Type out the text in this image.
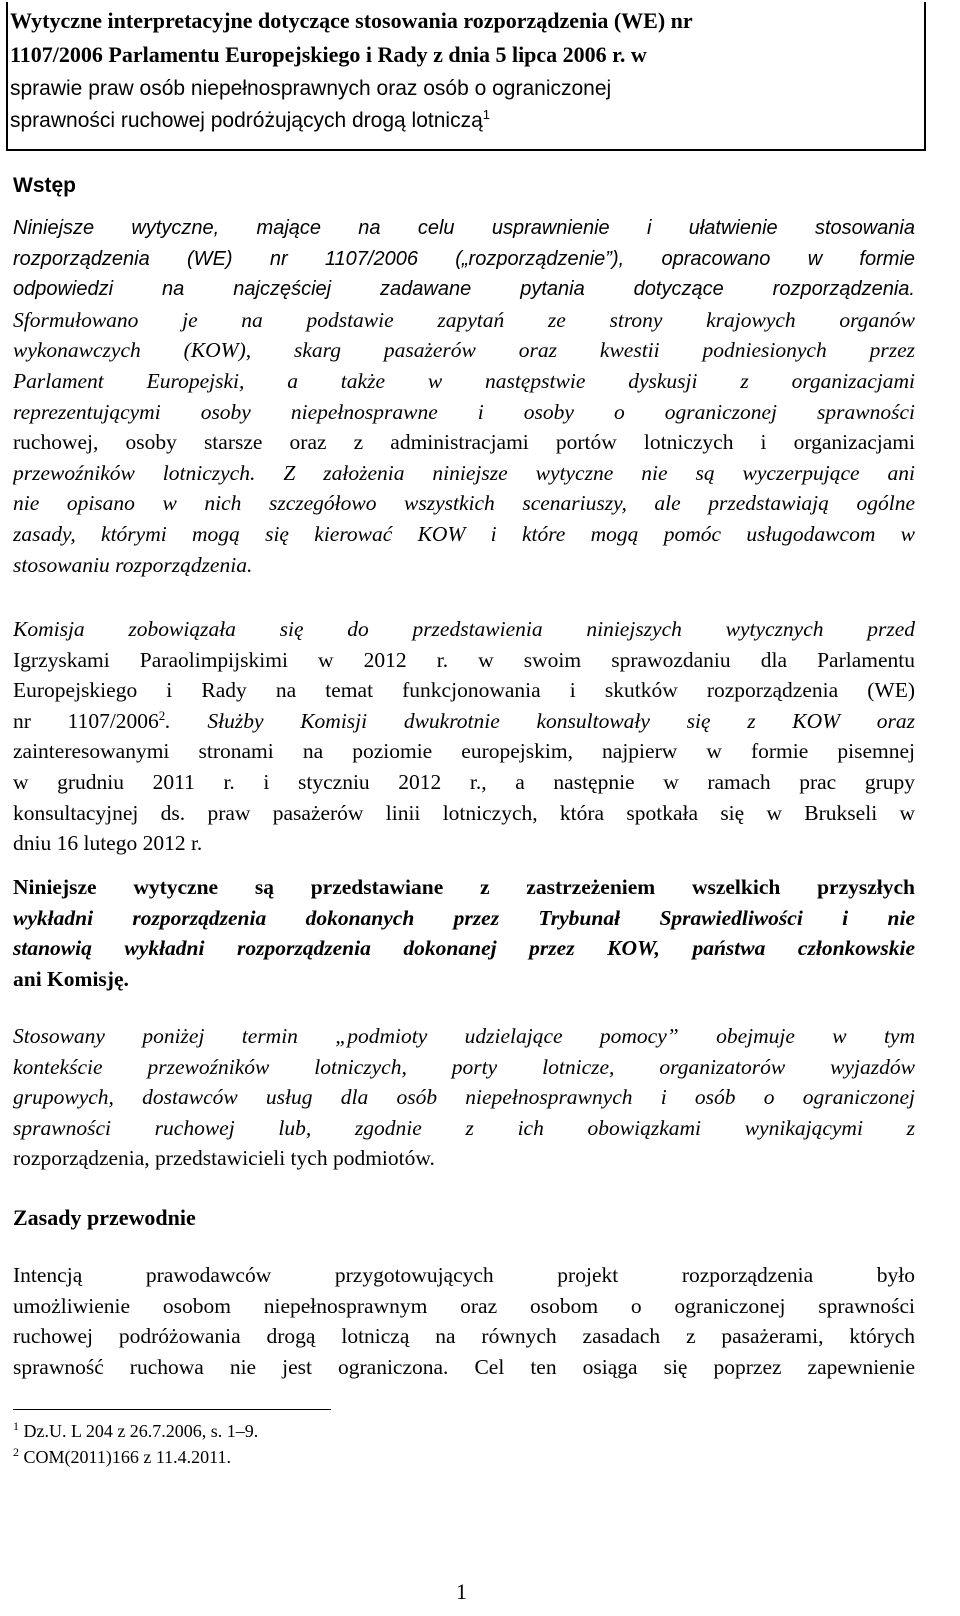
Wytyczne interpretacyjne dotyczące stosowania rozporządzenia (WE) nr
1107/2006 Parlamentu Europejskiego i Rady z dnia 5 lipca 2006 r. w
sprawie praw osób niepełnosprawnych oraz osób o ograniczonej
sprawności ruchowej podróżujących drogą lotniczą$^1$
Wstęp
Niniejsze wytyczne, mające na celu usprawnienie i ułatwienie stosowania
rozporządzenia (WE) nr 1107/2006 („rozporządzenie”), opracowano w formie
odpowiedzi na najczęściej zadawane pytania dotyczące rozporządzenia.
Sformułowano je na podstawie zapytań ze strony krajowych organów
wykonawczych (KOW), skarg pasażerów oraz kwestii podniesionych przez
Parlament Europejski, a także w następstwie dyskusji z organizacjami
reprezentującymi osoby niepełnosprawne i osoby o ograniczonej sprawności
ruchowej, osoby starsze oraz z administracjami portów lotniczych i organizacjami
przewoźników lotniczych. Z założenia niniejsze wytyczne nie są wyczerpujące ani
nie opisano w nich szczegółowo wszystkich scenariuszy, ale przedstawiają ogólne
zasady, którymi mogą się kierować KOW i które mogą pomóc usługodawcom w
stosowaniu rozporządzenia.
Komisja zobowiązała się do przedstawienia niniejszych wytycznych przed
Igrzyskami Paraolimpijskimi w 2012 r. w swoim sprawozdaniu dla Parlamentu
Europejskiego i Rady na temat funkcjonowania i skutków rozporządzenia (WE)
nr 1107/2006$^2$. Służby Komisji dwukrotnie konsultowały się z KOW oraz
zainteresowanymi stronami na poziomie europejskim, najpierw w formie pisemnej
w grudniu 2011 r. i styczniu 2012 r., a następnie w ramach prac grupy
konsultacyjnej ds. praw pasażerów linii lotniczych, która spotkała się w Brukseli w
dniu 16 lutego 2012 r.
Niniejsze wytyczne są przedstawiane z zastrzeżeniem wszelkich przyszłych
wykładni rozporządzenia dokonanych przez Trybunał Sprawiedliwości i nie
stanowią wykładni rozporządzenia dokonanej przez KOW, państwa członkowskie
ani Komisję.
Stosowany poniżej termin „podmioty udzielające pomocy” obejmuje w tym
kontekście przewoźników lotniczych, porty lotnicze, organizatorów wyjazdów
grupowych, dostawców usług dla osób niepełnosprawnych i osób o ograniczonej
sprawności ruchowej lub, zgodnie z ich obowiązkami wynikającymi z
rozporządzenia, przedstawicieli tych podmiotów.
Zasady przewodnie
Intencją prawodawców przygotowujących projekt rozporządzenia było
umożliwienie osobom niepełnosprawnym oraz osobom o ograniczonej sprawności
ruchowej podróżowania drogą lotniczą na równych zasadach z pasażerami, których
sprawność ruchowa nie jest ograniczona. Cel ten osiąga się poprzez zapewnienie
$^1$ Dz.U. L 204 z 26.7.2006, s. 1–9.
$^2$ COM(2011)166 z 11.4.2011.
1
